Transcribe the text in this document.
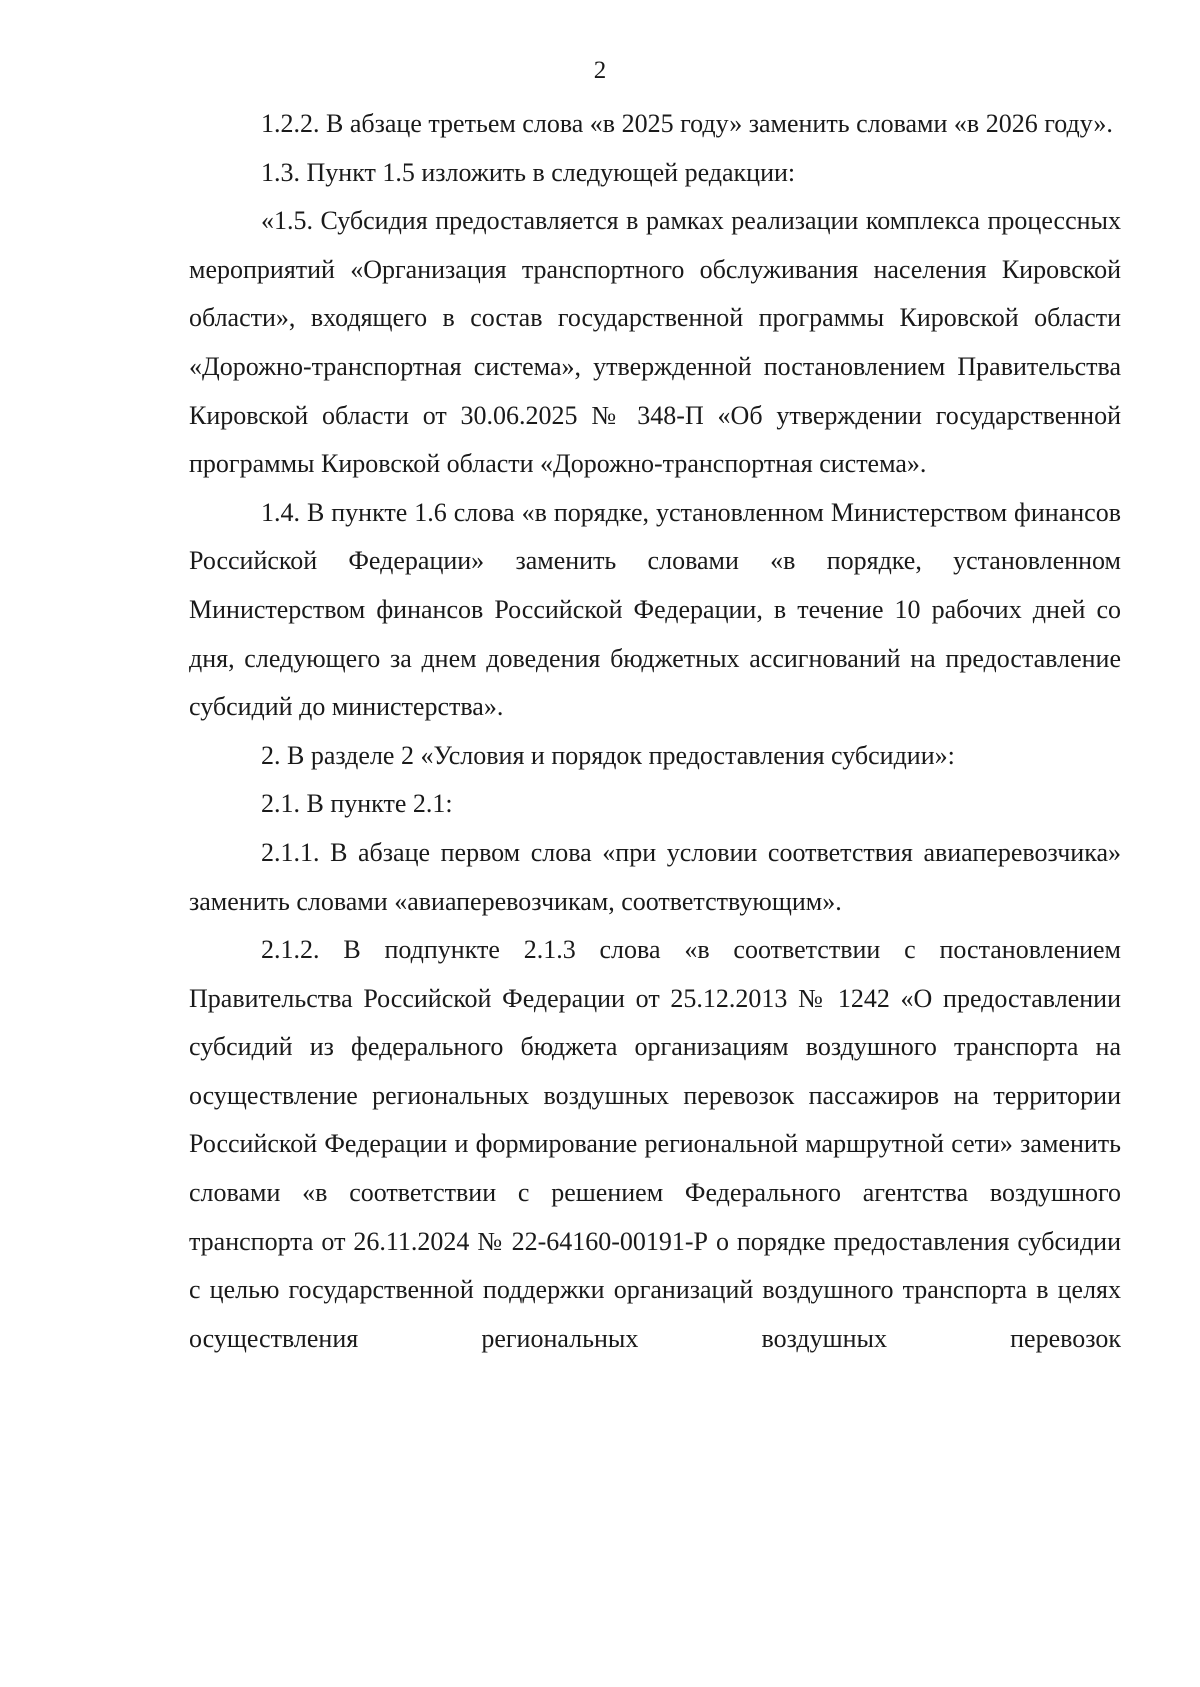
2

1.2.2. В абзаце третьем слова «в 2025 году» заменить словами «в 2026 году».

1.3. Пункт 1.5 изложить в следующей редакции:

«1.5. Субсидия предоставляется в рамках реализации комплекса процессных мероприятий «Организация транспортного обслуживания населения Кировской области», входящего в состав государственной программы Кировской области «Дорожно-транспортная система», утвержденной постановлением Правительства Кировской области от 30.06.2025 № 348-П «Об утверждении государственной программы Кировской области «Дорожно-транспортная система».

1.4. В пункте 1.6 слова «в порядке, установленном Министерством финансов Российской Федерации» заменить словами «в порядке, установленном Министерством финансов Российской Федерации, в течение 10 рабочих дней со дня, следующего за днем доведения бюджетных ассигнований на предоставление субсидий до министерства».

2. В разделе 2 «Условия и порядок предоставления субсидии»:

2.1. В пункте 2.1:

2.1.1. В абзаце первом слова «при условии соответствия авиаперевозчика» заменить словами «авиаперевозчикам, соответствующим».

2.1.2. В подпункте 2.1.3 слова «в соответствии с постановлением Правительства Российской Федерации от 25.12.2013 № 1242 «О предоставлении субсидий из федерального бюджета организациям воздушного транспорта на осуществление региональных воздушных перевозок пассажиров на территории Российской Федерации и формирование региональной маршрутной сети» заменить словами «в соответствии с решением Федерального агентства воздушного транспорта от 26.11.2024 № 22-64160-00191-Р о порядке предоставления субсидии с целью государственной поддержки организаций воздушного транспорта в целях осуществления региональных воздушных перевозок
